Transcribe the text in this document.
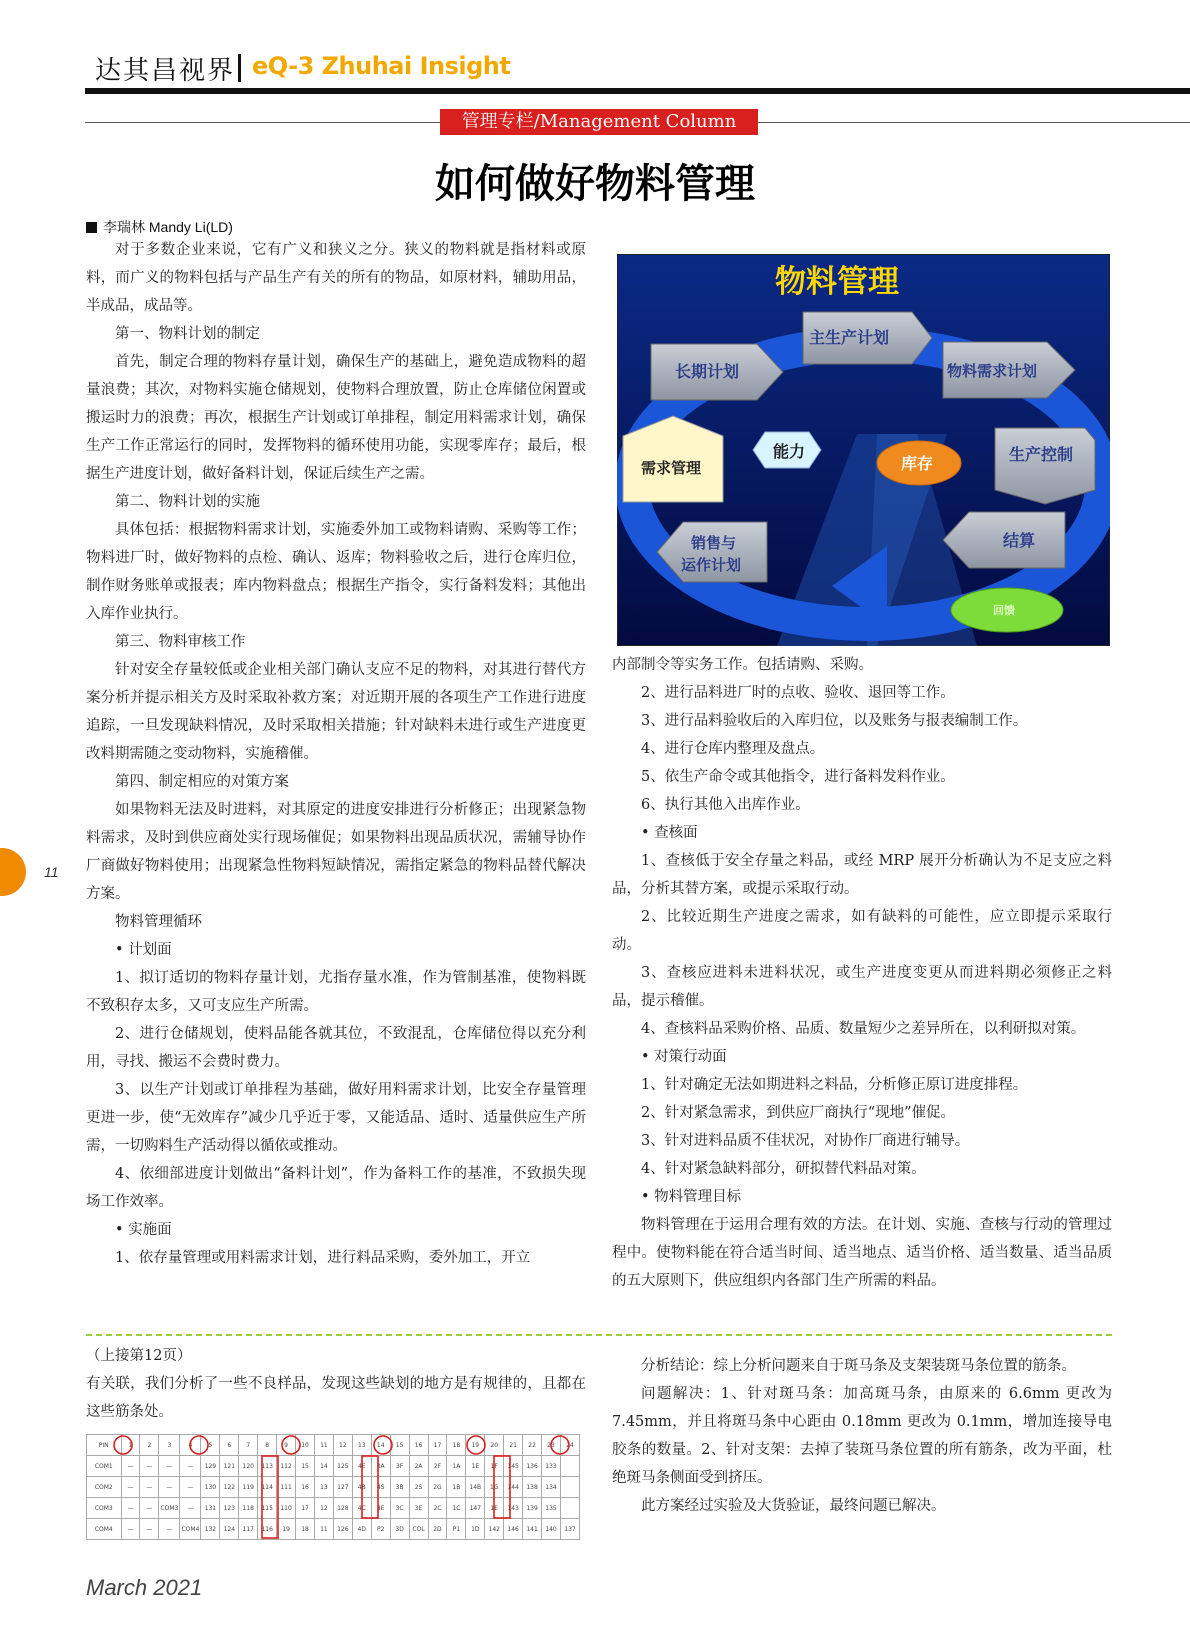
达其昌视界 eQ-3 Zhuhai Insight
管理专栏/Management Column
如何做好物料管理
李瑞林 Mandy Li(LD)

对于多数企业来说，它有广义和狭义之分。狭义的物料就是指材料或原料，而广义的物料包括与产品生产有关的所有的物品，如原材料，辅助用品，半成品，成品等。

第一、物料计划的制定

首先，制定合理的物料存量计划，确保生产的基础上，避免造成物料的超量浪费；其次，对物料实施仓储规划，使物料合理放置，防止仓库储位闲置或搬运时力的浪费；再次，根据生产计划或订单排程，制定用料需求计划，确保生产工作正常运行的同时，发挥物料的循环使用功能，实现零库存；最后，根据生产进度计划，做好备料计划，保证后续生产之需。

第二、物料计划的实施

具体包括：根据物料需求计划，实施委外加工或物料请购、采购等工作；物料进厂时，做好物料的点检、确认、返库；物料验收之后，进行仓库归位，制作财务账单或报表；库内物料盘点；根据生产指令，实行备料发料；其他出入库作业执行。

第三、物料审核工作

针对安全存量较低或企业相关部门确认支应不足的物料，对其进行替代方案分析并提示相关方及时采取补救方案；对近期开展的各项生产工作进行进度追踪，一旦发现缺料情况，及时采取相关措施；针对缺料未进行或生产进度更改料期需随之变动物料，实施稽催。

第四、制定相应的对策方案

如果物料无法及时进料，对其原定的进度安排进行分析修正；出现紧急物料需求，及时到供应商处实行现场催促；如果物料出现品质状况，需辅导协作厂商做好物料使用；出现紧急性物料短缺情况，需指定紧急的物料品替代解决方案。

物料管理循环

• 计划面

1、拟订适切的物料存量计划，尤指存量水准，作为管制基准，使物料既不致积存太多，又可支应生产所需。

2、进行仓储规划，使料品能各就其位，不致混乱，仓库储位得以充分利用，寻找、搬运不会费时费力。

3、以生产计划或订单排程为基础，做好用料需求计划，比安全存量管理更进一步，使“无效库存”减少几乎近于零，又能适品、适时、适量供应生产所需，一切购料生产活动得以循依或推动。

4、依细部进度计划做出“备料计划”，作为备料工作的基准，不致损失现场工作效率。

• 实施面

1、依存量管理或用料需求计划，进行料品采购，委外加工，开立

物料管理
主生产计划
长期计划	物料需求计划
需求管理
能力
库存	生产控制
销售与
运作计划
结算
回馈

内部制令等实务工作。包括请购、采购。

2、进行品料进厂时的点收、验收、退回等工作。

3、进行品料验收后的入库归位，以及账务与报表编制工作。

4、进行仓库内整理及盘点。

5、依生产命令或其他指令，进行备料发料作业。

6、执行其他入出库作业。

• 查核面

1、查核低于安全存量之料品，或经 MRP 展开分析确认为不足支应之料品，分析其替方案，或提示采取行动。

2、比较近期生产进度之需求，如有缺料的可能性，应立即提示采取行动。

3、查核应进料未进料状况，或生产进度变更从而进料期必须修正之料品，提示稽催。

4、查核料品采购价格、品质、数量短少之差异所在，以利研拟对策。

• 对策行动面

1、针对确定无法如期进料之料品，分析修正原订进度排程。

2、针对紧急需求，到供应厂商执行“现地”催促。

3、针对进料品质不佳状况，对协作厂商进行辅导。

4、针对紧急缺料部分，研拟替代料品对策。

• 物料管理目标

物料管理在于运用合理有效的方法。在计划、实施、查核与行动的管理过程中。使物料能在符合适当时间、适当地点、适当价格、适当数量、适当品质的五大原则下，供应组织内各部门生产所需的料品。

11

（上接第12页）

有关联，我们分析了一些不良样品，发现这些缺划的地方是有规律的，且都在这些筋条处。

PIN	1	2	3	4	5	6	7	8	9	10	11	12	13	14	15	16	17	18	19	20	21	22	23	24
COM1	—	—	—	—	129	121	120	113	112	15	14	125	4E	3A	3F	2A	2F	1A	1E	1F	145	136	133	
COM2	—	—	—	—	130	122	119	114	111	16	13	127	4B	4S	3B	2S	2G	1B	14B	1G	144	138	134	
COM3	—	—	COM3	—	131	123	118	115	110	17	12	128	4C	4E	3C	3E	2C	1C	147	1E	143	139	135	
COM4	—	—	—	COM4	132	124	117	116	19	18	11	126	4D	P2	3D	COL	2D	P1	1D	142	146	141	140	137

分析结论：综上分析问题来自于斑马条及支架装斑马条位置的筋条。

问题解决：1、针对斑马条：加高斑马条，由原来的 6.6mm 更改为 7.45mm，并且将斑马条中心距由 0.18mm 更改为 0.1mm，增加连接导电胶条的数量。2、针对支架：去掉了装斑马条位置的所有筋条，改为平面，杜绝斑马条侧面受到挤压。

此方案经过实验及大货验证，最终问题已解决。

March 2021
